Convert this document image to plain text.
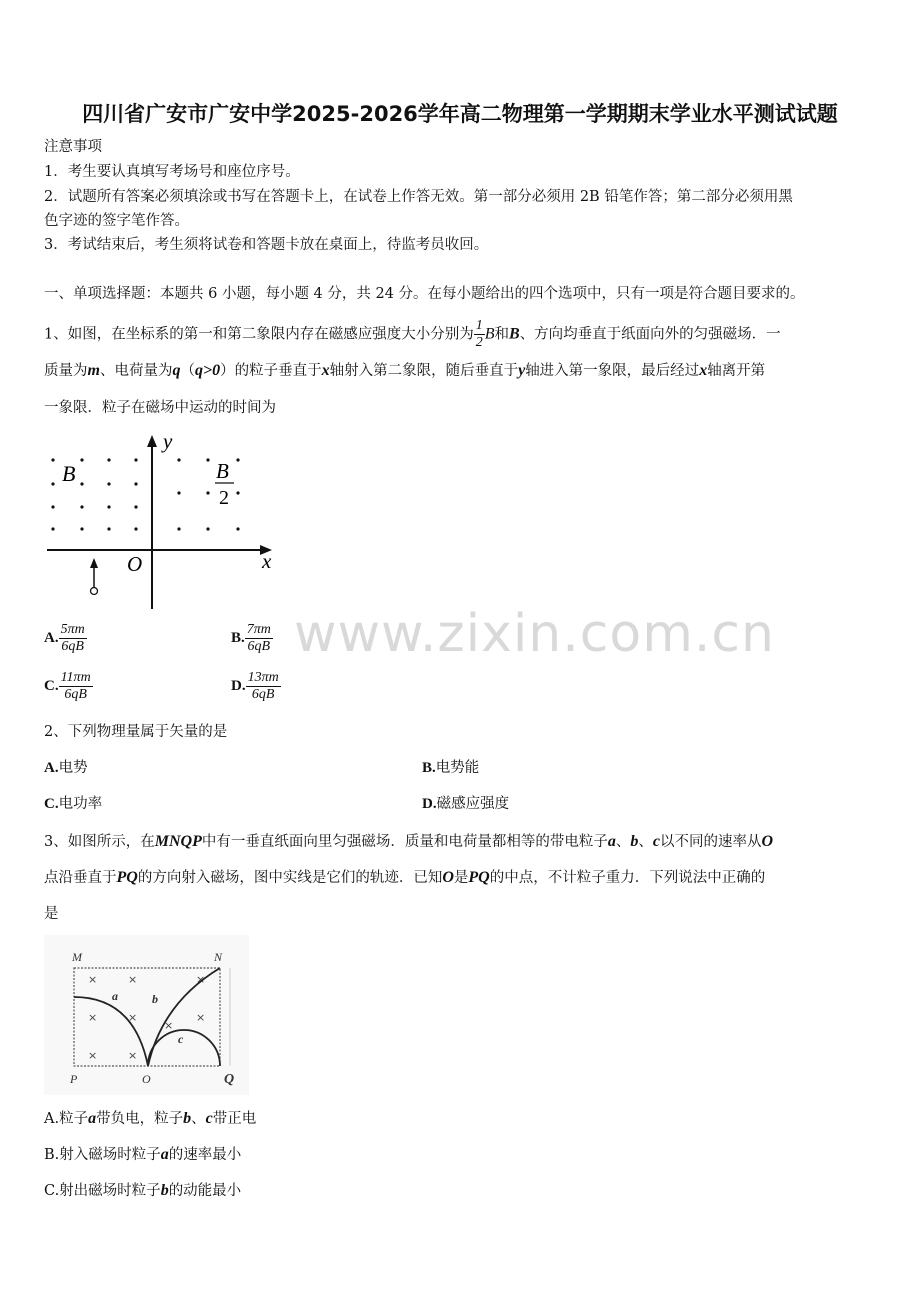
四川省广安市广安中学2025-2026学年高二物理第一学期期末学业水平测试试题
注意事项
1．考生要认真填写考场号和座位序号。
2．试题所有答案必须填涂或书写在答题卡上，在试卷上作答无效。第一部分必须用 2B 铅笔作答；第二部分必须用黑
色字迹的签字笔作答。
3．考试结束后，考生须将试卷和答题卡放在桌面上，待监考员收回。
一、单项选择题：本题共 6 小题，每小题 4 分，共 24 分。在每小题给出的四个选项中，只有一项是符合题目要求的。
1、如图，在坐标系的第一和第二象限内存在磁感应强度大小分别为 $\frac{1}{2}$ B和B、方向均垂直于纸面向外的匀强磁场．一
质量为m、电荷量为q（q>0）的粒子垂直于x轴射入第二象限，随后垂直于y轴进入第一象限，最后经过x轴离开第
一象限．粒子在磁场中运动的时间为
y
x
O
B	B
2
A. $\frac{5\pi m}{6qB}$	B. $\frac{7\pi m}{6qB}$
C. $\frac{11\pi m}{6qB}$	D. $\frac{13\pi m}{6qB}$
www.zixin.com.cn
2、下列物理量属于矢量的是
A.电势	B.电势能
C.电功率	D.磁感应强度
3、如图所示，在MNQP中有一垂直纸面向里匀强磁场．质量和电荷量都相等的带电粒子a、b、c以不同的速率从O
点沿垂直于PQ的方向射入磁场，图中实线是它们的轨迹．已知O是PQ的中点，不计粒子重力．下列说法中正确的
是
×	×	×
×	×	×
×	×
×
M	N
P	O	Q
a	b
c
A.粒子a带负电，粒子b、c带正电
B.射入磁场时粒子a的速率最小
C.射出磁场时粒子b的动能最小
